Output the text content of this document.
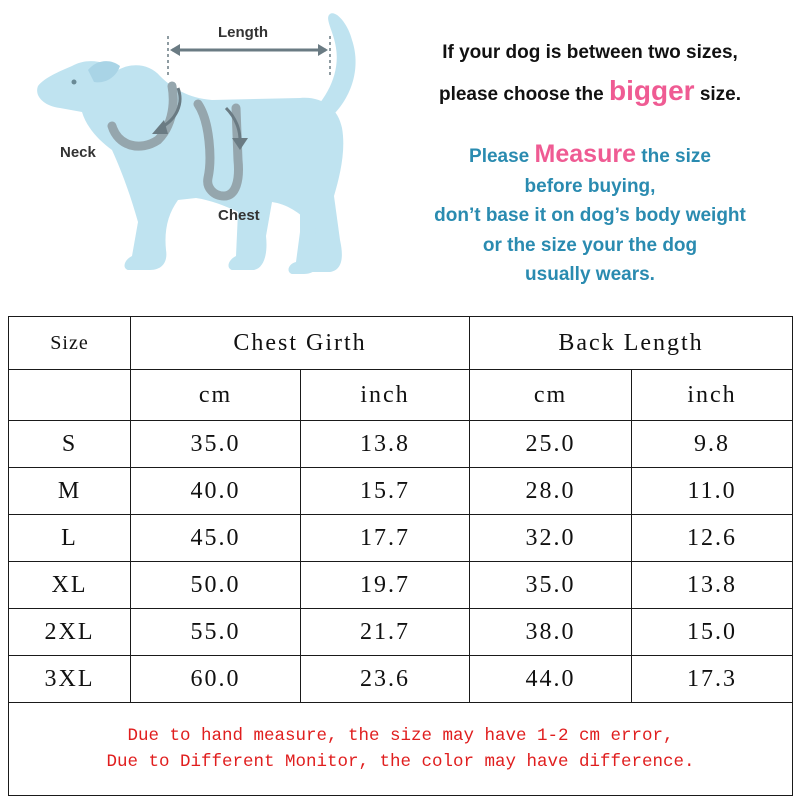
Length

Neck

Chest

If your dog is between two sizes,
please choose the bigger size.

Please Measure the size
before buying,
don’t base it on dog’s body weight
or the size your the dog
usually wears.

Size	Chest Girth		Back Length	
	cm	inch	cm	inch
S	35.0	13.8	25.0	9.8
M	40.0	15.7	28.0	11.0
L	45.0	17.7	32.0	12.6
XL	50.0	19.7	35.0	13.8
2XL	55.0	21.7	38.0	15.0
3XL	60.0	23.6	44.0	17.3
Due to hand measure, the size may have 1-2 cm error,
Due to Different Monitor, the color may have difference.				
